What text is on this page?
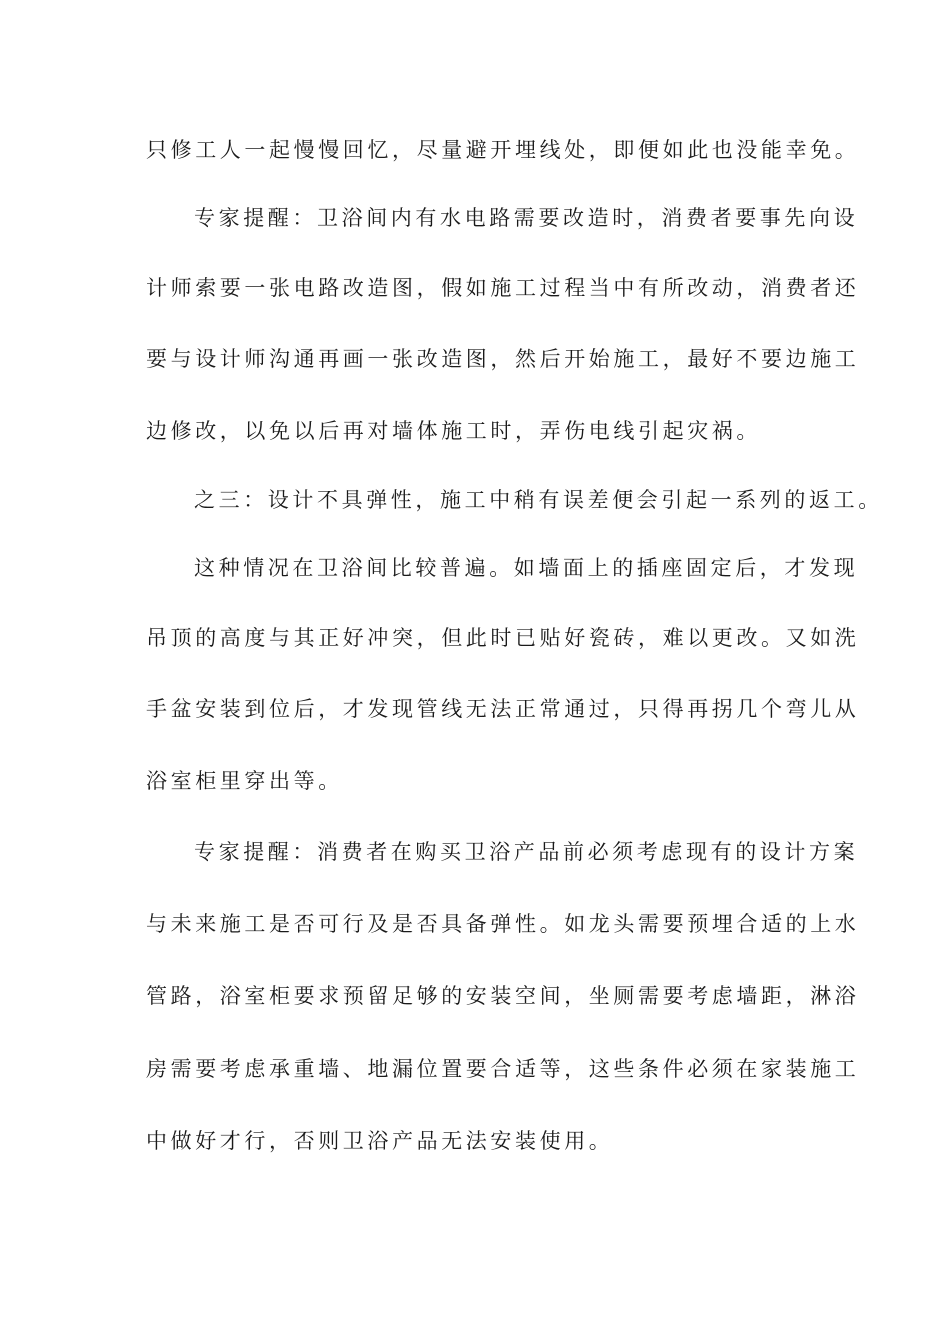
只修工人一起慢慢回忆，尽量避开埋线处，即便如此也没能幸免。
专家提醒：卫浴间内有水电路需要改造时，消费者要事先向设
计师索要一张电路改造图，假如施工过程当中有所改动，消费者还
要与设计师沟通再画一张改造图，然后开始施工，最好不要边施工
边修改，以免以后再对墙体施工时，弄伤电线引起灾祸。
之三：设计不具弹性，施工中稍有误差便会引起一系列的返工。
这种情况在卫浴间比较普遍。如墙面上的插座固定后，才发现
吊顶的高度与其正好冲突，但此时已贴好瓷砖，难以更改。又如洗
手盆安装到位后，才发现管线无法正常通过，只得再拐几个弯儿从
浴室柜里穿出等。
专家提醒：消费者在购买卫浴产品前必须考虑现有的设计方案
与未来施工是否可行及是否具备弹性。如龙头需要预埋合适的上水
管路，浴室柜要求预留足够的安装空间，坐厕需要考虑墙距，淋浴
房需要考虑承重墙、地漏位置要合适等，这些条件必须在家装施工
中做好才行，否则卫浴产品无法安装使用。
